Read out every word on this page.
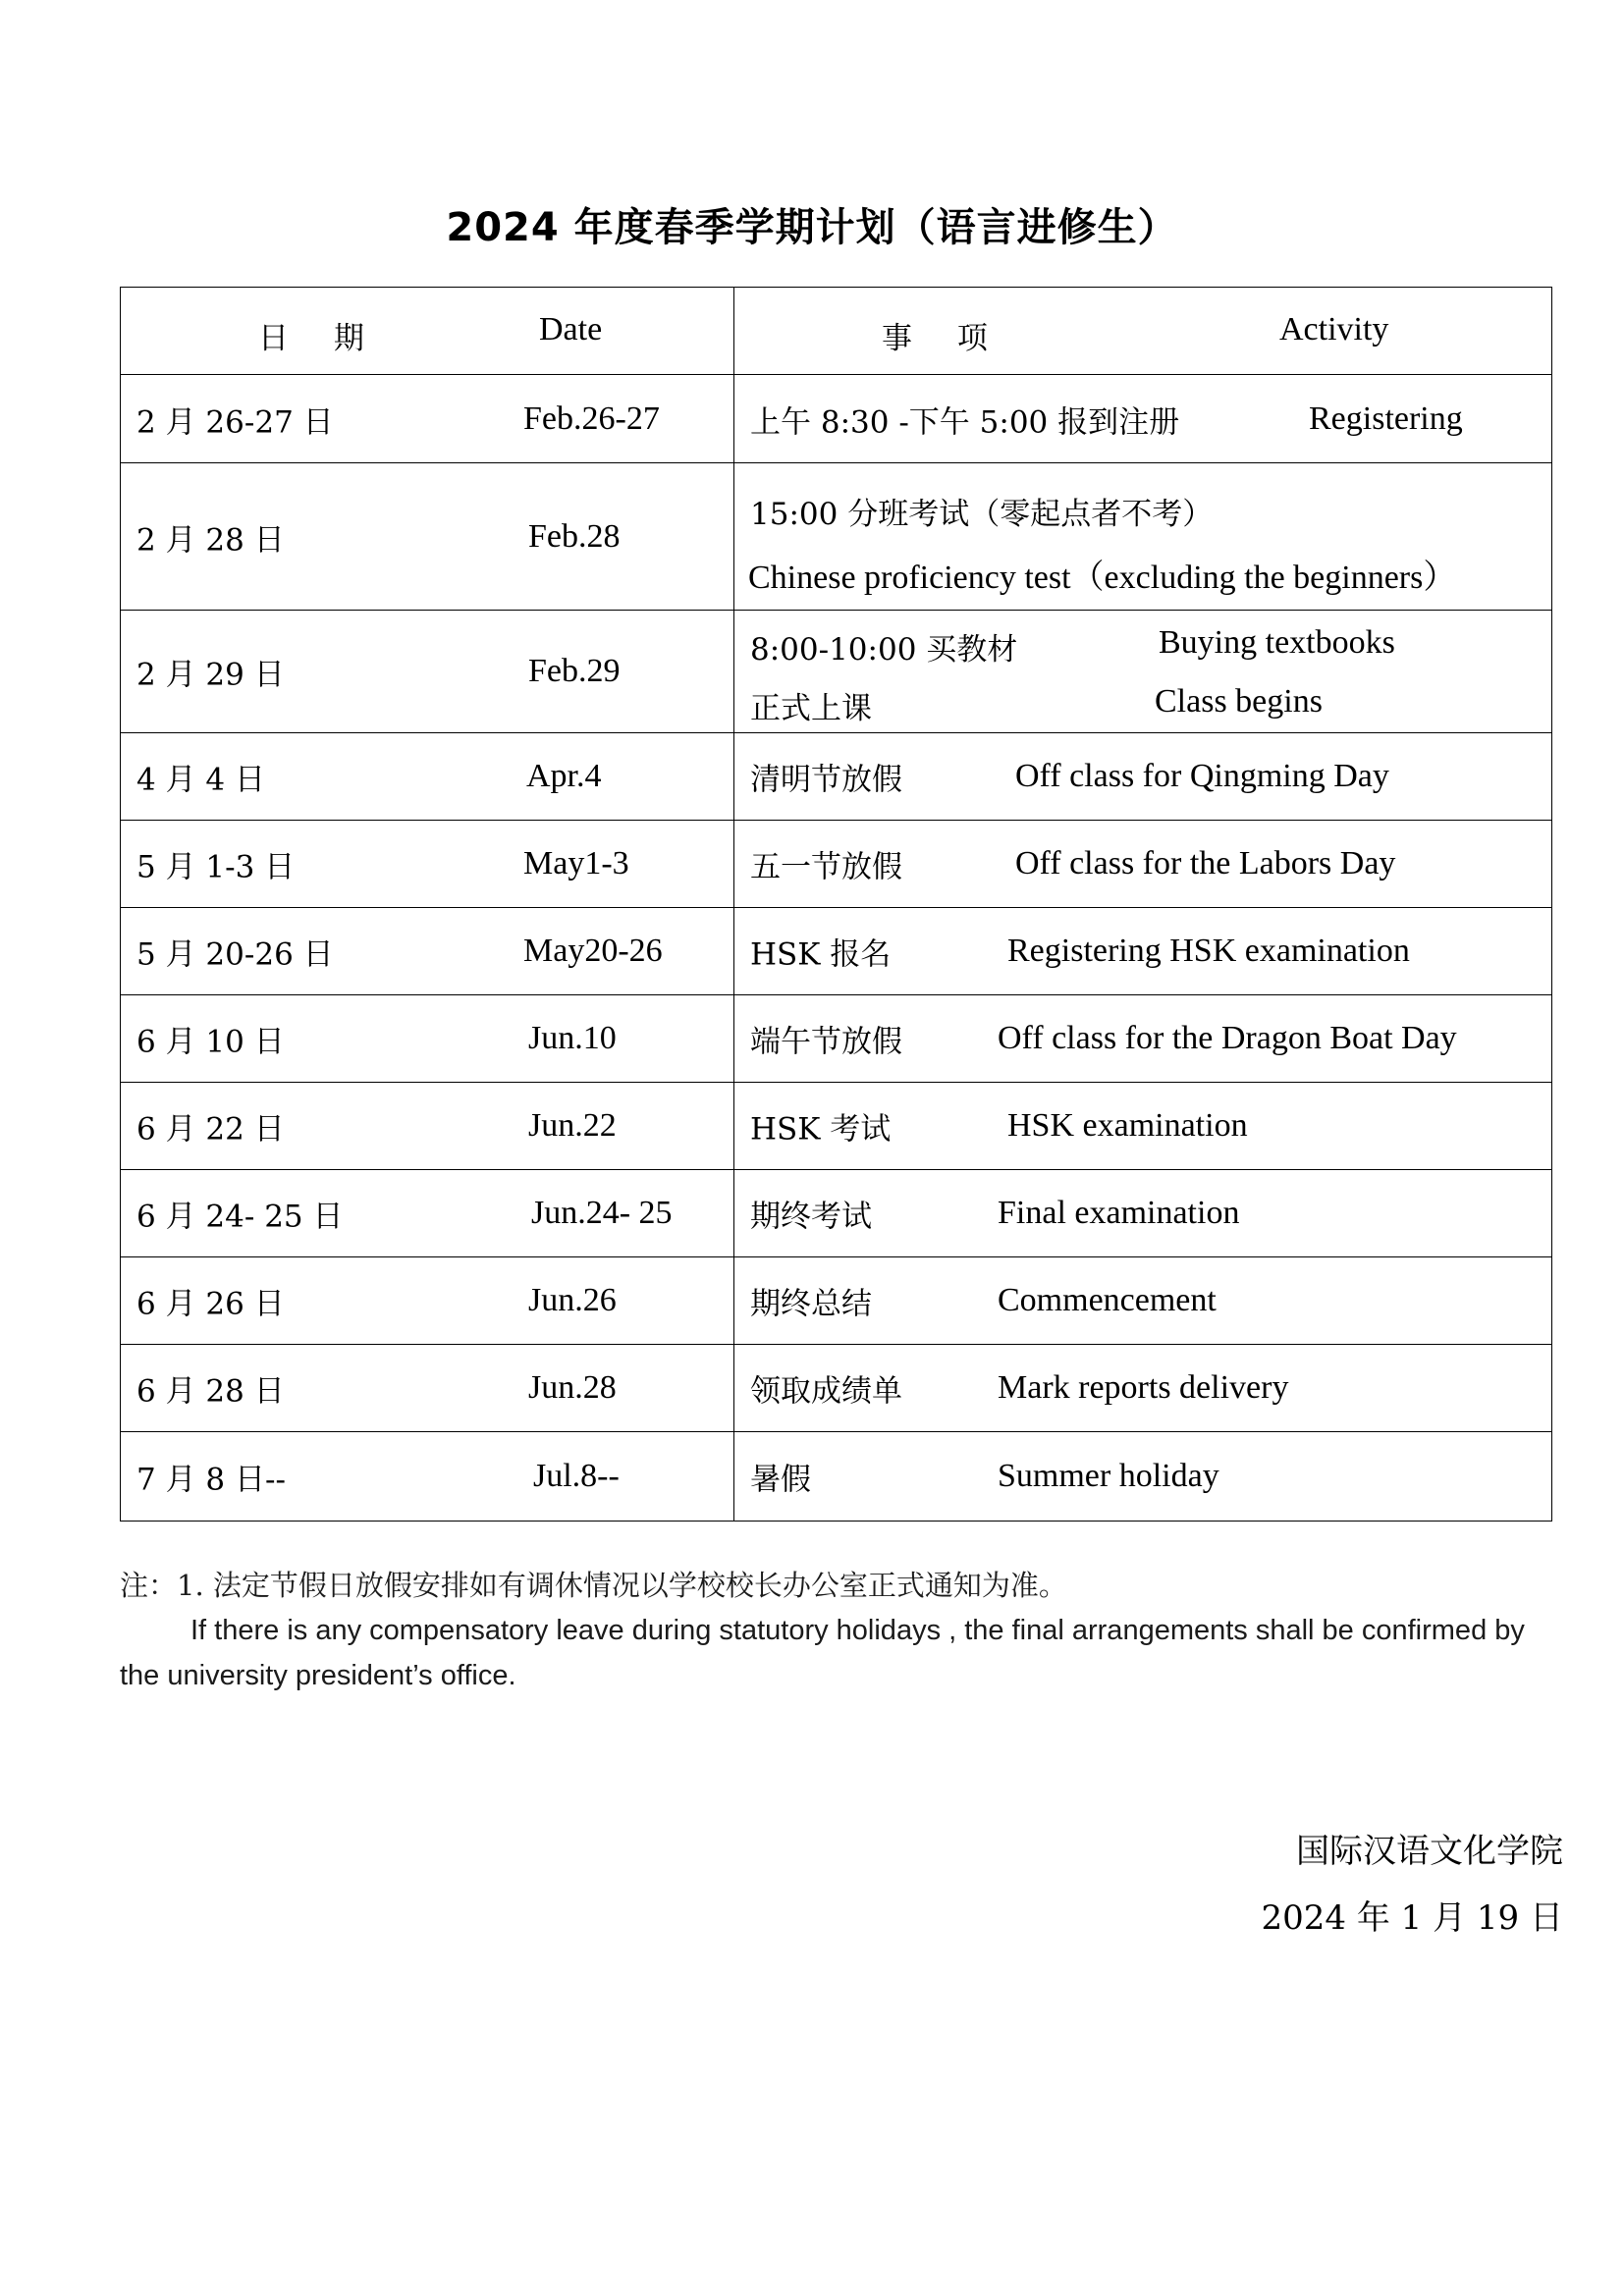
2024 年度春季学期计划（语言进修生）
日 期 Date	事 项 Activity

2 月 26-27 日 Feb.26-27	上午 8:30 -下午 5:00 报到注册 Registering

2 月 28 日 Feb.28	15:00 分班考试（零起点者不考）
Chinese proficiency test（excluding the beginners）

2 月 29 日 Feb.29	8:00-10:00 买教材 Buying textbooks
正式上课 Class begins

4 月 4 日 Apr.4	清明节放假 Off class for Qingming Day

5 月 1-3 日 May1-3	五一节放假 Off class for the Labors Day

5 月 20-26 日 May20-26	HSK 报名 Registering HSK examination

6 月 10 日 Jun.10	端午节放假 Off class for the Dragon Boat Day

6 月 22 日 Jun.22	HSK 考试 HSK examination

6 月 24- 25 日 Jun.24- 25	期终考试 Final examination

6 月 26 日 Jun.26	期终总结 Commencement

6 月 28 日 Jun.28	领取成绩单 Mark reports delivery

7 月 8 日-- Jul.8--	暑假 Summer holiday
注：1. 法定节假日放假安排如有调休情况以学校校长办公室正式通知为准。
If there is any compensatory leave during statutory holidays , the final arrangements shall be confirmed by the university president’s office.
国际汉语文化学院
2024 年 1 月 19 日
